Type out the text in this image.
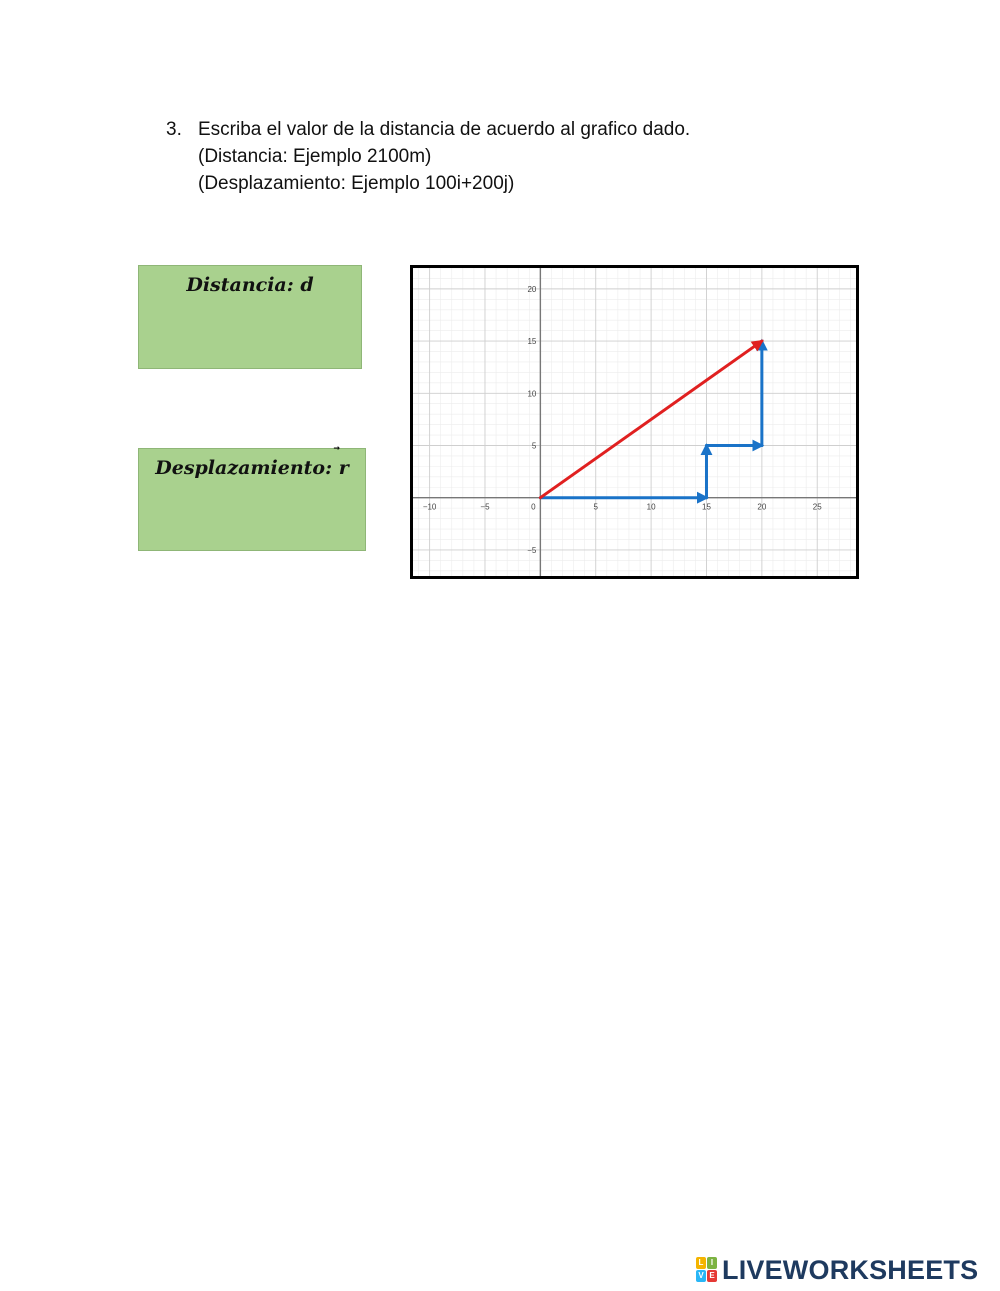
3. Escriba el valor de la distancia de acuerdo al grafico dado.
(Distancia: Ejemplo 2100m)
(Desplazamiento: Ejemplo 100i+200j)
Distancia: d
Desplazamiento:
r
−10	−5	0	5	10	15	20	25
−5
5
10
15
20
L I
V E LIVEWORKSHEETS
